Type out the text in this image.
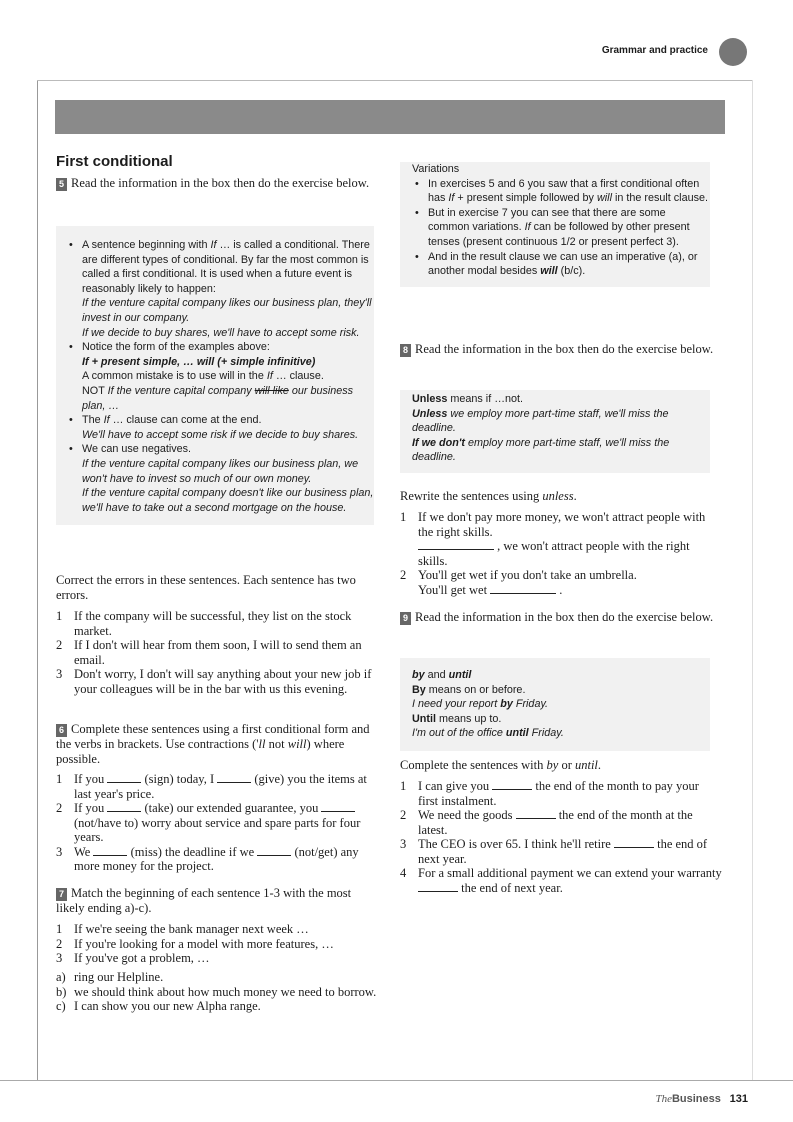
Grammar and practice
First conditional
5 Read the information in the box then do the exercise below.
• A sentence beginning with If … is called a conditional. There are different types of conditional. By far the most common is called a first conditional. It is used when a future event is reasonably likely to happen:
If the venture capital company likes our business plan, they'll invest in our company.
If we decide to buy shares, we'll have to accept some risk.
• Notice the form of the examples above:
If + present simple, … will (+ simple infinitive)
A common mistake is to use will in the If … clause.
NOT If the venture capital company will like our business plan, …
• The If … clause can come at the end.
We'll have to accept some risk if we decide to buy shares.
• We can use negatives.
If the venture capital company likes our business plan, we won't have to invest so much of our own money.
If the venture capital company doesn't like our business plan, we'll have to take out a second mortgage on the house.
Correct the errors in these sentences. Each sentence has two errors.
1 If the company will be successful, they list on the stock market.
2 If I don't will hear from them soon, I will to send them an email.
3 Don't worry, I don't will say anything about your new job if your colleagues will be in the bar with us this evening.
6 Complete these sentences using a first conditional form and the verbs in brackets. Use contractions ('ll not will) where possible.
1 If you	(sign) today, I	(give) you the items at last year's price.
2 If you	(take) our extended guarantee, you  (not/have to) worry about service and spare parts for four years.
3 We	(miss) the deadline if we	(not/get) any more money for the project.
7 Match the beginning of each sentence 1-3 with the most likely ending a)-c).
1 If we're seeing the bank manager next week …
2 If you're looking for a model with more features, …
3 If you've got a problem, …
a) ring our Helpline.
b) we should think about how much money we need to borrow.
c) I can show you our new Alpha range.
Variations
• In exercises 5 and 6 you saw that a first conditional often has If + present simple followed by will in the result clause.
• But in exercise 7 you can see that there are some common variations. If can be followed by other present tenses (present continuous 1/2 or present perfect 3).
• And in the result clause we can use an imperative (a), or another modal besides will (b/c).
8 Read the information in the box then do the exercise below.
Unless means if …not.
Unless we employ more part-time staff, we'll miss the deadline.
If we don't employ more part-time staff, we'll miss the deadline.
Rewrite the sentences using unless.
1 If we don't pay more money, we won't attract people with the right skills.
, we won't attract people with the right skills.
2 You'll get wet if you don't take an umbrella.
You'll get wet	.
9 Read the information in the box then do the exercise below.
by and until
By means on or before.
I need your report by Friday.
Until means up to.
I'm out of the office until Friday.
Complete the sentences with by or until.
1 I can give you	the end of the month to pay your first instalment.
2 We need the goods	the end of the month at the latest.
3 The CEO is over 65. I think he'll retire	the end of next year.
4 For a small additional payment we can extend your warranty  the end of next year.
TheBusiness 131
